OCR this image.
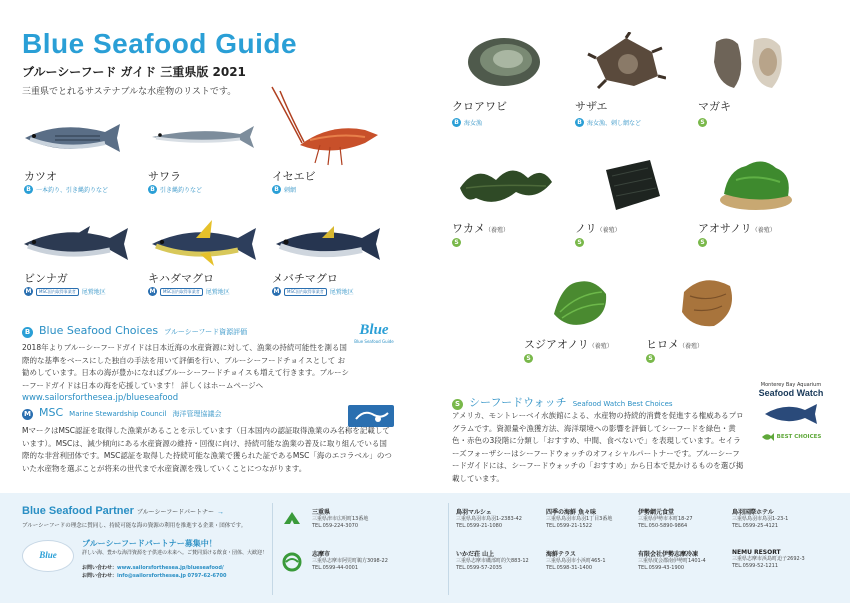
Blue Seafood Guide
ブルーシーフード ガイド 三重県版 2021
三重県でとれるサステナブルな水産物のリストです。
カツオ
B 一本釣り、引き縄釣りなど
サワラ
B 引き縄釣りなど
イセエビ
B 刺網
ビンナガ
M	MSC国内取得事業者	尾鷲地区
キハダマグロ
M	MSC国内取得事業者	尾鷲地区
メバチマグロ
M	MSC国内取得事業者	尾鷲地区
クロアワビ
B 海女漁
サザエ
B 海女漁、刺し網など
マガキ
S
ワカメ（養殖）
S
ノリ（養殖）
S
アオサノリ（養殖）
S
スジアオノリ（養殖）
S
ヒロメ（養殖）
S
B Blue Seafood Choices ブルーシーフード資源評価
2018年よりブルーシーフードガイドは日本近海の水産資源に対して、漁業の持続可能性を測る国際的な基準をベースにした独自の手法を用いて評価を行い、ブルーシーフードチョイスとして お勧めしています。日本の海が豊かになればブルーシーフードチョイスも増えて行きます。ブルーシーフードガイドは日本の海を応援しています！ 詳しくはホームページへ www.sailorsforthesea.jp/blueseafood
Blue
Blue Seafood Guide
M MSC Marine Stewardship Council 海洋管理協議会
MマークはMSC認証を取得した漁業があることを示しています（日本国内の認証取得漁業のみ名称を記載しています）。MSCは、減少傾向にある水産資源の維持・回復に向け、持続可能な漁業の普及に取り組んでいる国際的な非営利団体です。MSC認証を取得した持続可能な漁業で獲られた証であるMSC「海のエコラベル」のついた水産物を選ぶことが将来の世代まで水産資源を残していくことにつながります。
S シーフードウォッチ Seafood Watch Best Choices
アメリカ、モントレーベイ水族館による、水産物の持続的消費を促進する権威あるプログラムです。資源量や漁獲方法、海洋環境への影響を評価してシーフードを緑色・黄色・赤色の3段階に分類し「おすすめ、中間、食べないで」を表現しています。セイラーズフォーザシーはシーフードウォッチのオフィシャルパートナーです。ブルーシーフードガイドには、シーフードウォッチの「おすすめ」から日本で見かけるものを選び掲載しています。
Monterey Bay Aquarium
Seafood Watch
BEST CHOICES
Blue Seafood Partner ブルーシーフードパートナー →
ブルーシーフードの理念に賛同し、持続可能な海の資源の利用を推進する企業・団体です。
Blue
ブルーシーフードパートナー募集中！
詳しい海、豊かな海洋資源を子供達の未来へ。ご賛同頂ける飲食・団体、大歓迎！
お問い合わせ：www.sailorsforthesea.jp/blueseafood/
お問い合わせ：info@sailorsforthesea.jp 0797-62-6700
三重県
三重県津市広明町13番地
TEL.059-224-3070
志摩市
三重県志摩市阿児町鵜方3098-22
TEL.0599-44-0001
鳥羽マルシェ
三重県鳥羽市鳥羽1-2383-42
TEL.0599-21-1080
四季の海鮮 魚々味
三重県鳥羽市鳥羽1丁目3番地
TEL.0599-21-1522
伊勢網元食堂
三重県伊勢市本町18-27
TEL.050-5890-9864
鳥羽国際ホテル
三重県鳥羽市鳥羽1-23-1
TEL.0599-25-4121
いかだ荘 山上
三重県志摩市磯部町的矢883-12
TEL.0599-57-2035
海鮮テラス
三重県鳥羽市小浜町465-1
TEL.0598-31-1400
有限会社伊勢志摩冷凍
三重県度会郡南伊勢町1401-4
TEL.0599-43-1900
NEMU RESORT
三重県志摩市浜島町迫子2692-3
TEL.0599-52-1211
